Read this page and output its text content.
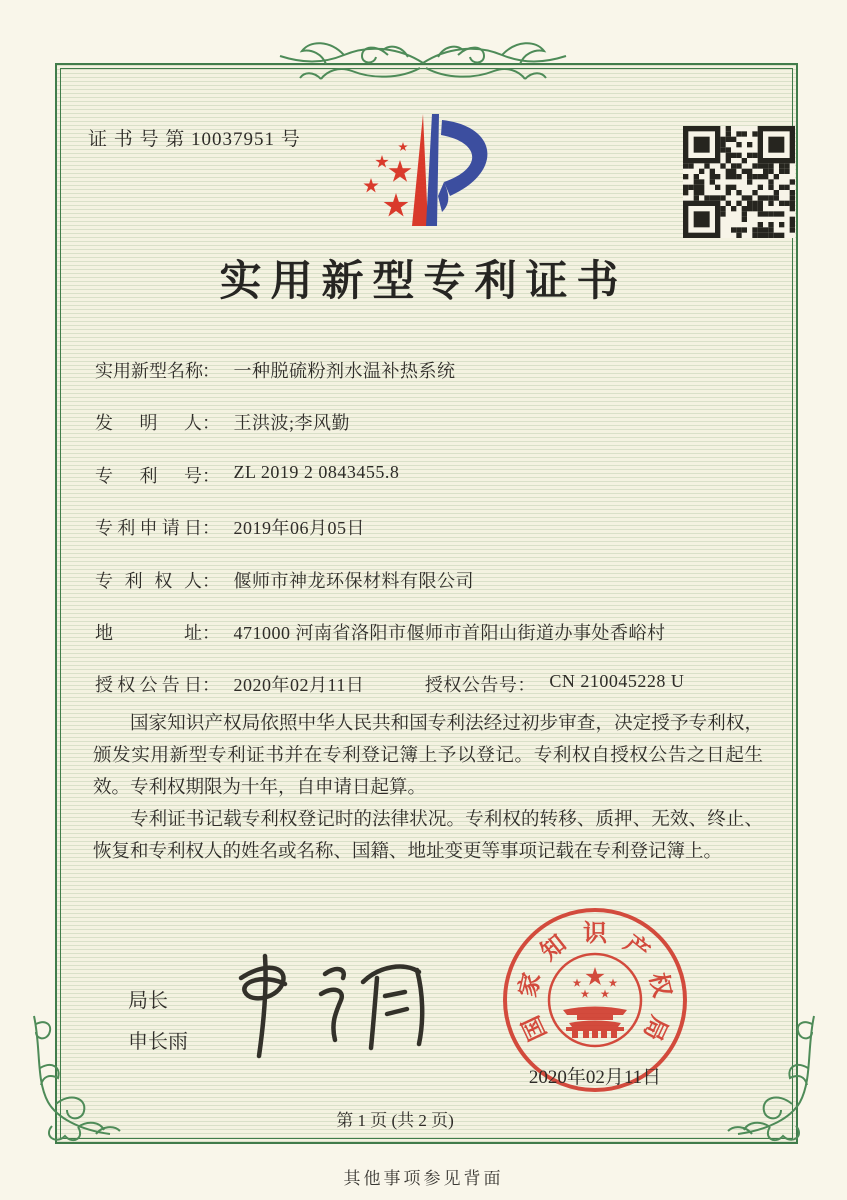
证 书 号 第 10037951 号
实用新型专利证书
实用新型名称： 一种脱硫粉剂水温补热系统
发明人： 王洪波;李风勤
专利号： ZL 2019 2 0843455.8
专利申请日： 2019年06月05日
专利权人： 偃师市神龙环保材料有限公司
地址： 471000 河南省洛阳市偃师市首阳山街道办事处香峪村
授权公告日： 2020年02月11日	授权公告号： CN 210045228 U

国家知识产权局依照中华人民共和国专利法经过初步审查，决定授予专利权，颁发实用新型专利证书并在专利登记簿上予以登记。专利权自授权公告之日起生效。专利权期限为十年，自申请日起算。

专利证书记载专利权登记时的法律状况。专利权的转移、质押、无效、终止、恢复和专利权人的姓名或名称、国籍、地址变更等事项记载在专利登记簿上。

局长
申长雨	国
家
知 识 产
权
局
2020年02月11日
第 1 页 (共 2 页)
其他事项参见背面
